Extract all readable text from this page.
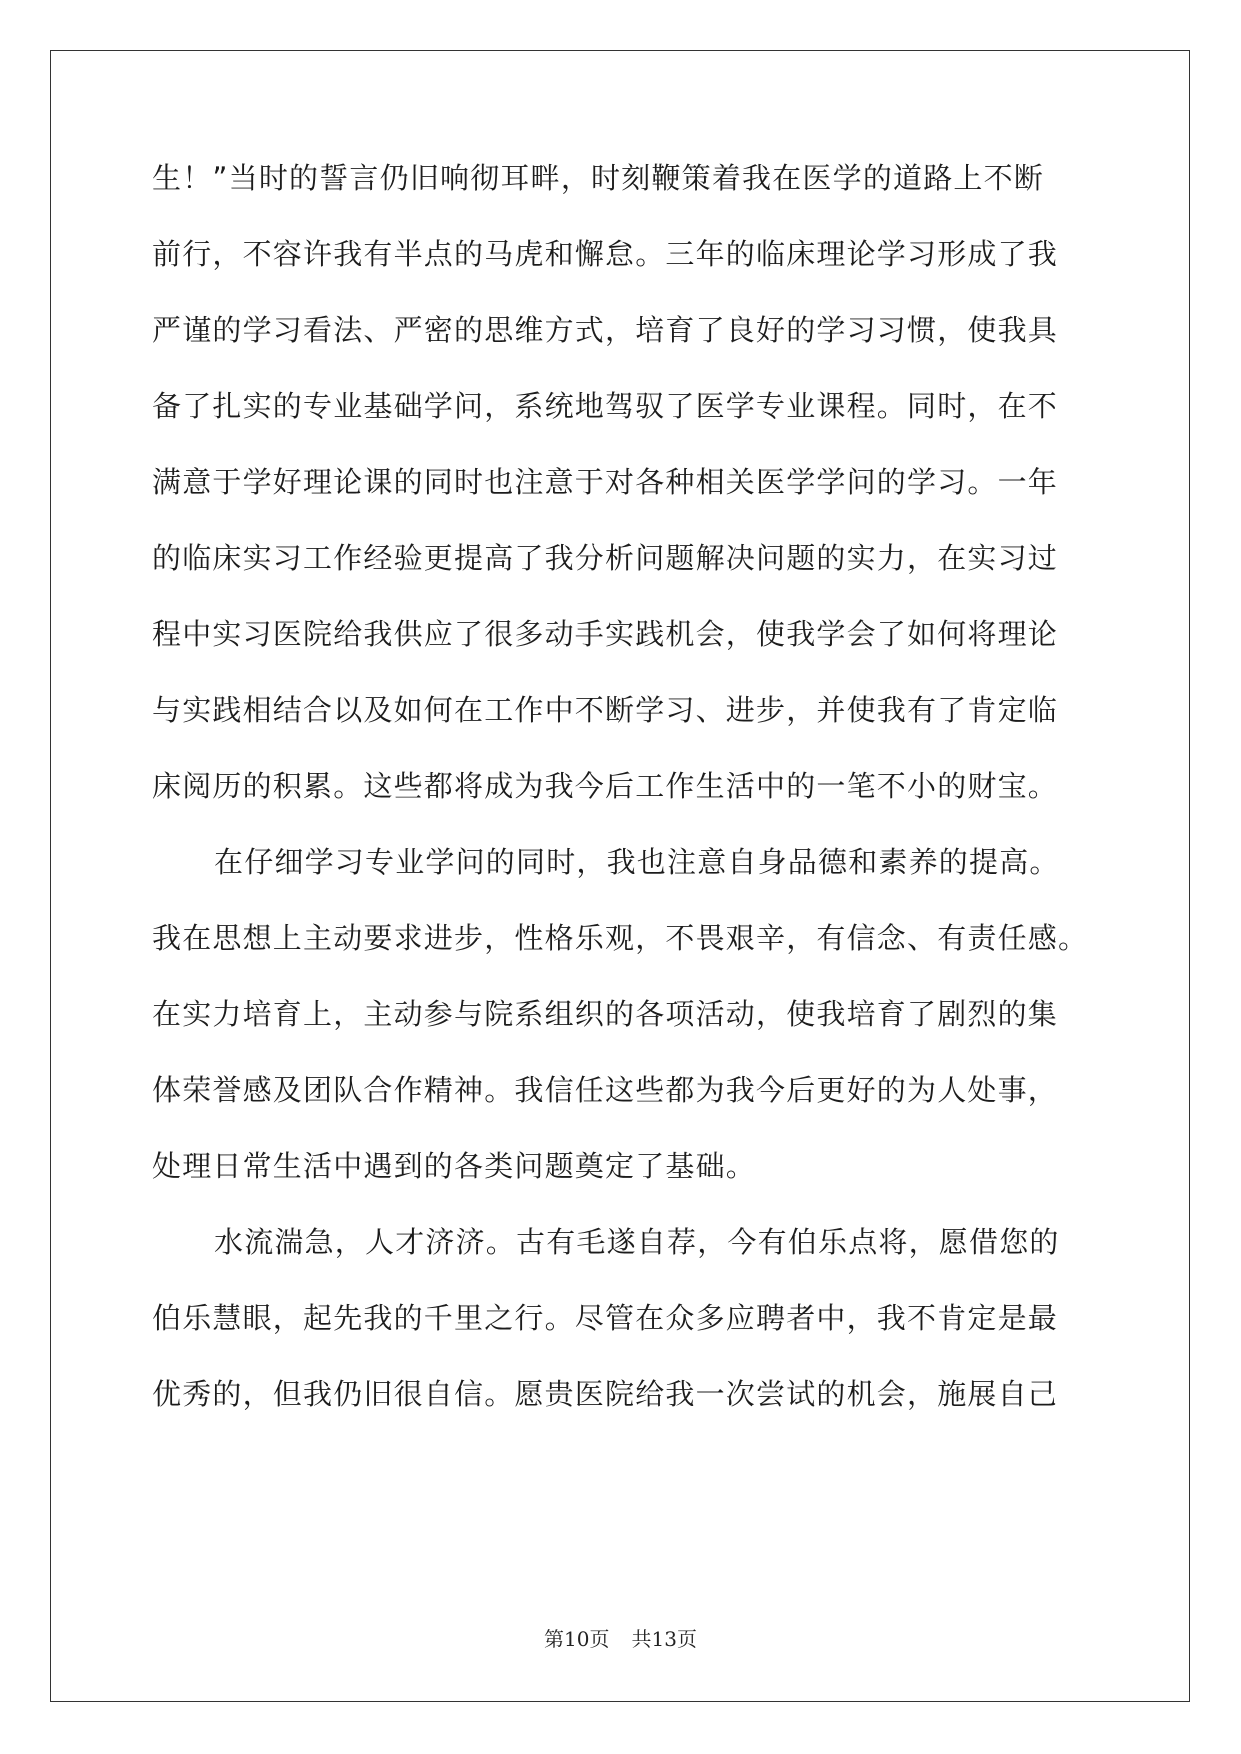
生！”当时的誓言仍旧响彻耳畔，时刻鞭策着我在医学的道路上不断
前行，不容许我有半点的马虎和懈怠。三年的临床理论学习形成了我
严谨的学习看法、严密的思维方式，培育了良好的学习习惯，使我具
备了扎实的专业基础学问，系统地驾驭了医学专业课程。同时，在不
满意于学好理论课的同时也注意于对各种相关医学学问的学习。一年
的临床实习工作经验更提高了我分析问题解决问题的实力，在实习过
程中实习医院给我供应了很多动手实践机会，使我学会了如何将理论
与实践相结合以及如何在工作中不断学习、进步，并使我有了肯定临
床阅历的积累。这些都将成为我今后工作生活中的一笔不小的财宝。
在仔细学习专业学问的同时，我也注意自身品德和素养的提高。
我在思想上主动要求进步，性格乐观，不畏艰辛，有信念、有责任感。
在实力培育上，主动参与院系组织的各项活动，使我培育了剧烈的集
体荣誉感及团队合作精神。我信任这些都为我今后更好的为人处事，
处理日常生活中遇到的各类问题奠定了基础。
水流湍急，人才济济。古有毛遂自荐，今有伯乐点将，愿借您的
伯乐慧眼，起先我的千里之行。尽管在众多应聘者中，我不肯定是最
优秀的，但我仍旧很自信。愿贵医院给我一次尝试的机会，施展自己
第10页 共13页
